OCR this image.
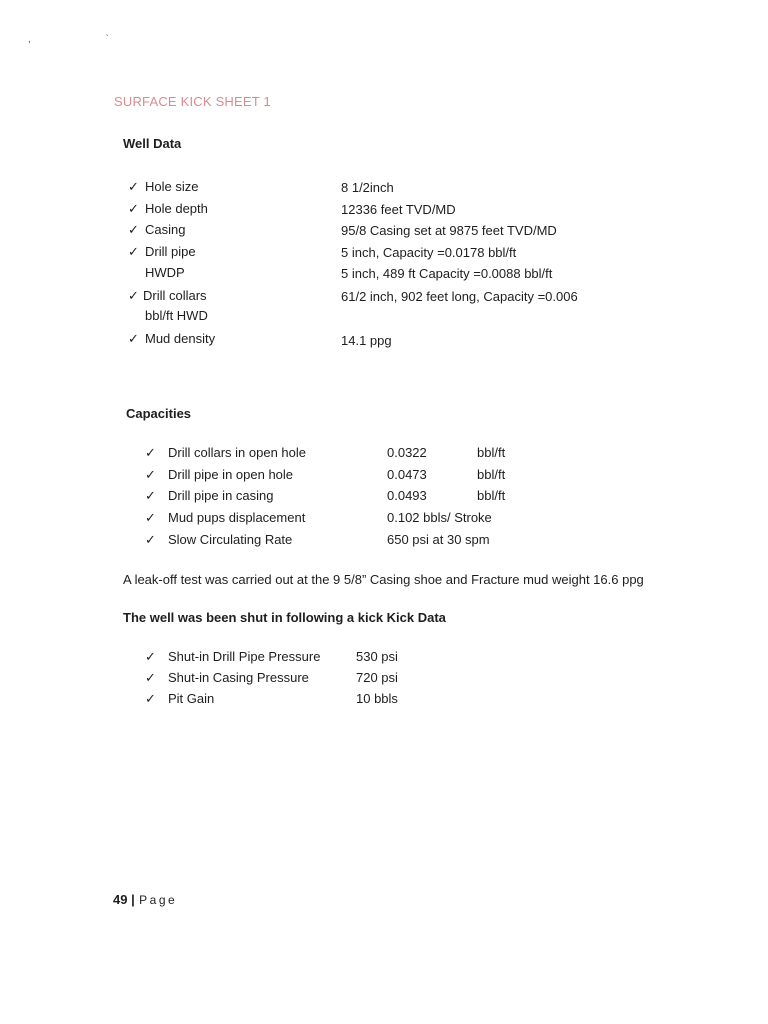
, `
SURFACE KICK SHEET 1
Well Data
✓ Hole size	8 1/2inch
✓ Hole depth	12336 feet TVD/MD
✓ Casing	95/8 Casing set at 9875 feet TVD/MD
✓ Drill pipe	5 inch, Capacity =0.0178 bbl/ft
HWDP	5 inch, 489 ft Capacity =0.0088 bbl/ft
✓ Drill collars	61/2 inch, 902 feet long, Capacity =0.006
bbl/ft HWD
✓ Mud density	14.1 ppg
Capacities
✓ Drill collars in open hole	0.0322	bbl/ft
✓ Drill pipe in open hole	0.0473	bbl/ft
✓ Drill pipe in casing	0.0493	bbl/ft
✓ Mud pups displacement	0.102 bbls/ Stroke
✓ Slow Circulating Rate	650 psi at 30 spm
A leak-off test was carried out at the 9 5/8” Casing shoe and Fracture mud weight 16.6 ppg
The well was been shut in following a kick Kick Data
✓ Shut-in Drill Pipe Pressure	530 psi
✓ Shut-in Casing Pressure	720 psi
✓ Pit Gain	10 bbls
49 | Page
